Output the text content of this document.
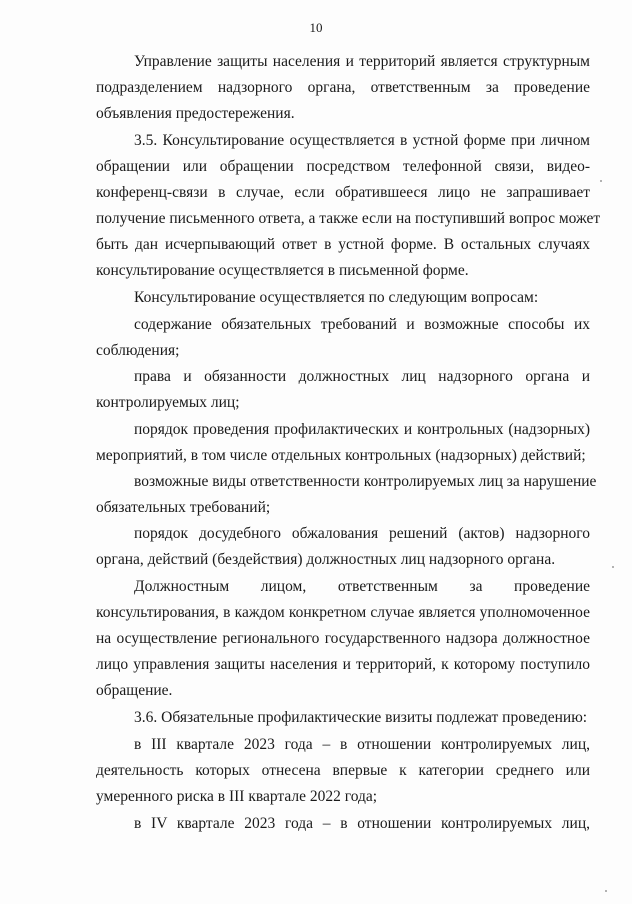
10
Управление защиты населения и территорий является структурным
подразделением надзорного органа, ответственным за проведение
объявления предостережения.
3.5. Консультирование осуществляется в устной форме при личном
обращении или обращении посредством телефонной связи, видео-
конференц-связи в случае, если обратившееся лицо не запрашивает
получение письменного ответа, а также если на поступивший вопрос может
быть дан исчерпывающий ответ в устной форме. В остальных случаях
консультирование осуществляется в письменной форме.
Консультирование осуществляется по следующим вопросам:
содержание обязательных требований и возможные способы их
соблюдения;
права и обязанности должностных лиц надзорного органа и
контролируемых лиц;
порядок проведения профилактических и контрольных (надзорных)
мероприятий, в том числе отдельных контрольных (надзорных) действий;
возможные виды ответственности контролируемых лиц за нарушение
обязательных требований;
порядок досудебного обжалования решений (актов) надзорного
органа, действий (бездействия) должностных лиц надзорного органа.
Должностным лицом, ответственным за проведение
консультирования, в каждом конкретном случае является уполномоченное
на осуществление регионального государственного надзора должностное
лицо управления защиты населения и территорий, к которому поступило
обращение.
3.6. Обязательные профилактические визиты подлежат проведению:
в III квартале 2023 года – в отношении контролируемых лиц,
деятельность которых отнесена впервые к категории среднего или
умеренного риска в III квартале 2022 года;
в IV квартале 2023 года – в отношении контролируемых лиц,
